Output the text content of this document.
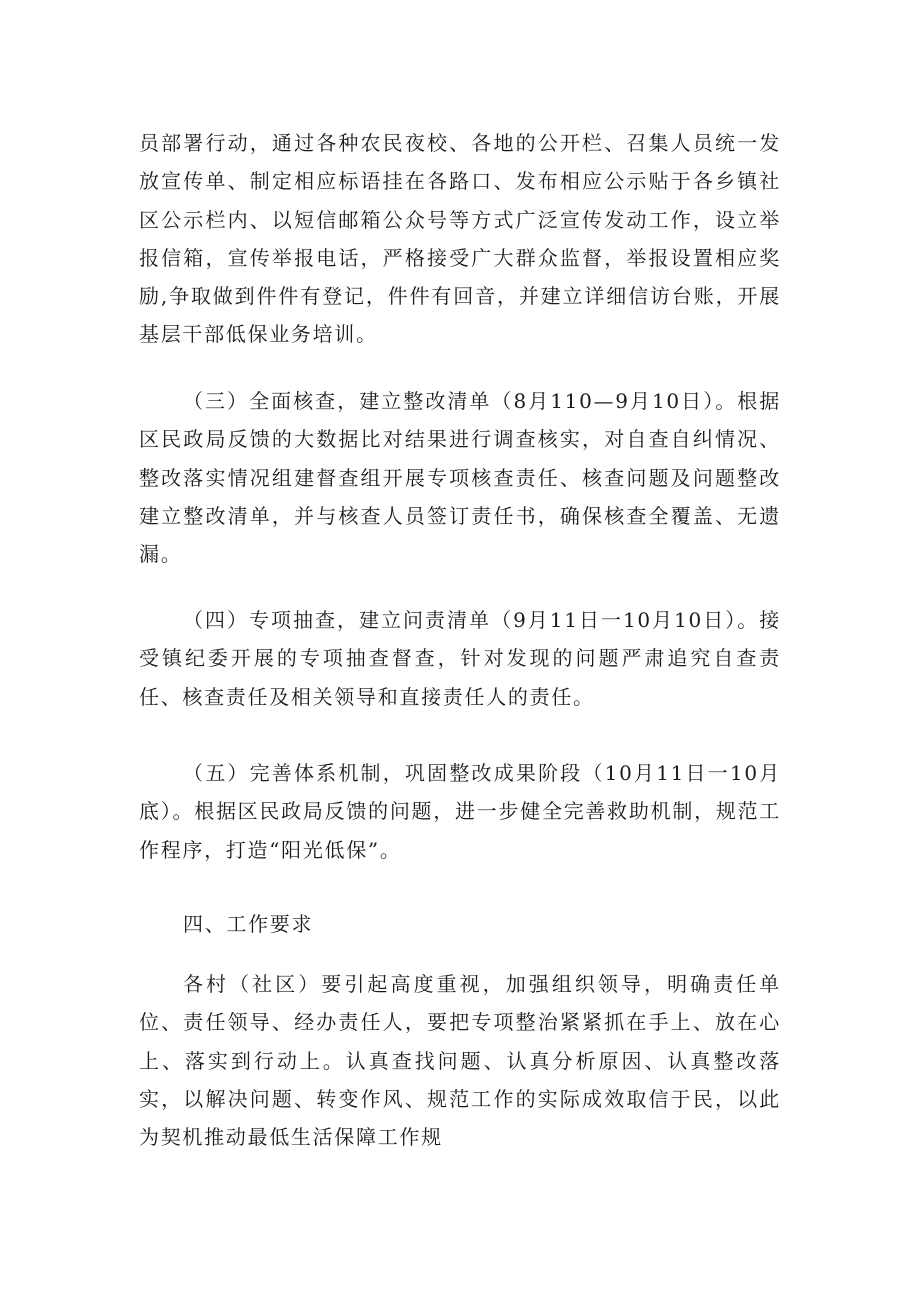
员部署行动，通过各种农民夜校、各地的公开栏、召集人员统一发放宣传单、制定相应标语挂在各路口、发布相应公示贴于各乡镇社区公示栏内、以短信邮箱公众号等方式广泛宣传发动工作，设立举报信箱，宣传举报电话，严格接受广大群众监督，举报设置相应奖励,争取做到件件有登记，件件有回音，并建立详细信访台账，开展基层干部低保业务培训。

（三）全面核查，建立整改清单（8月110—9月10日）。根据区民政局反馈的大数据比对结果进行调查核实，对自查自纠情况、整改落实情况组建督查组开展专项核查责任、核查问题及问题整改建立整改清单，并与核查人员签订责任书，确保核查全覆盖、无遗漏。

（四）专项抽查，建立问责清单（9月11日一10月10日）。接受镇纪委开展的专项抽查督查，针对发现的问题严肃追究自查责任、核查责任及相关领导和直接责任人的责任。

（五）完善体系机制，巩固整改成果阶段（10月11日一10月底）。根据区民政局反馈的问题，进一步健全完善救助机制，规范工作程序，打造“阳光低保”。

四、工作要求

各村（社区）要引起高度重视，加强组织领导，明确责任单位、责任领导、经办责任人，要把专项整治紧紧抓在手上、放在心上、落实到行动上。认真查找问题、认真分析原因、认真整改落实，以解决问题、转变作风、规范工作的实际成效取信于民，以此为契机推动最低生活保障工作规
